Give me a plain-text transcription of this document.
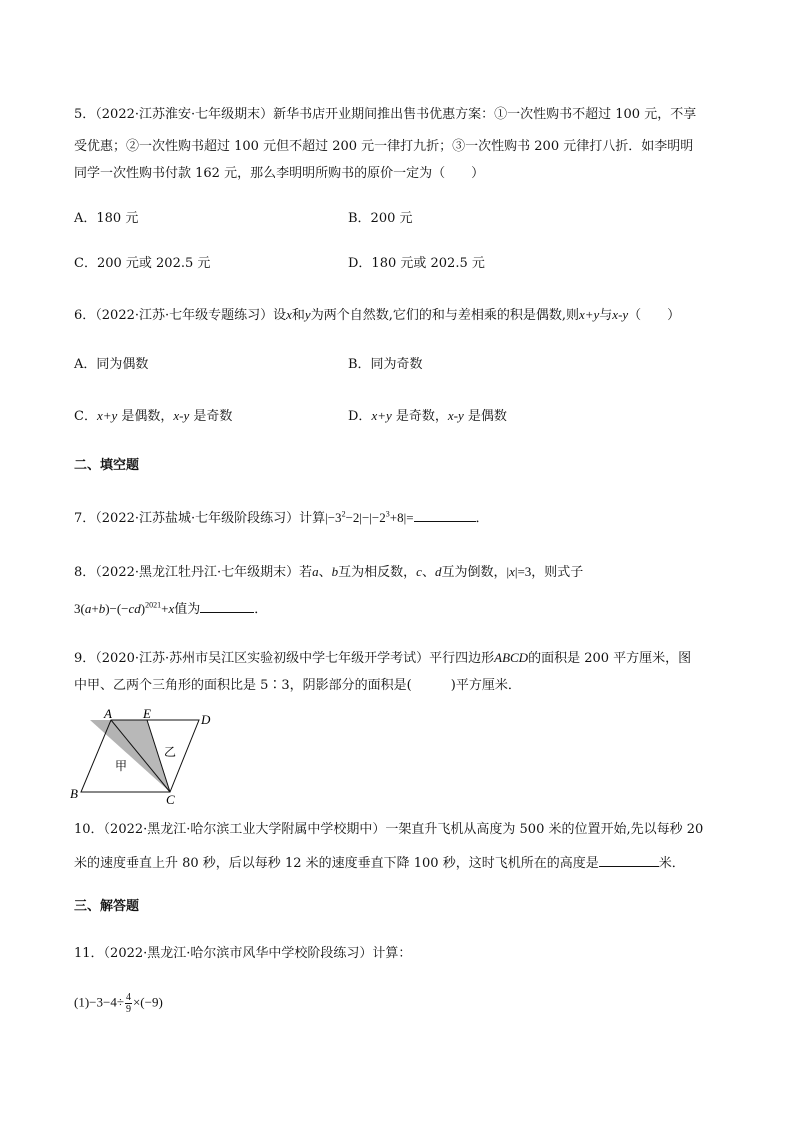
5．（2022·江苏淮安·七年级期末）新华书店开业期间推出售书优惠方案：①一次性购书不超过 100 元，不享
受优惠；②一次性购书超过 100 元但不超过 200 元一律打九折；③一次性购书 200 元律打八折．如李明明
同学一次性购书付款 162 元，那么李明明所购书的原价一定为（　　）
A．180 元	B．200 元
C．200 元或 202.5 元	D．180 元或 202.5 元
6．（2022·江苏·七年级专题练习）设x和y为两个自然数,它们的和与差相乘的积是偶数,则x+y与x-y（　　）
A．同为偶数	B．同为奇数
C．x+y 是偶数，x-y 是奇数	D．x+y 是奇数，x-y 是偶数
二、填空题
7．（2022·江苏盐城·七年级阶段练习）计算$|-3^2-2|-|-2^3+8|=$	．
8．（2022·黑龙江牡丹江·七年级期末）若a、b互为相反数，c、d互为倒数，|x|=3，则式子
$3(a+b)-(-cd)^{2021}+x$值为	．
9．（2020·江苏·苏州市吴江区实验初级中学七年级开学考试）平行四边形ABCD的面积是 200 平方厘米，图
中甲、乙两个三角形的面积比是 5∶3，阴影部分的面积是(　　　)平方厘米．
A E	D
B	C
甲
乙
10．（2022·黑龙江·哈尔滨工业大学附属中学校期中）一架直升飞机从高度为 500 米的位置开始,先以每秒 20
米的速度垂直上升 80 秒，后以每秒 12 米的速度垂直下降 100 秒，这时飞机所在的高度是	米．
三、解答题
11．（2022·黑龙江·哈尔滨市风华中学校阶段练习）计算：
$(1)-3-4\div \frac{4}{9} \times(-9)$
